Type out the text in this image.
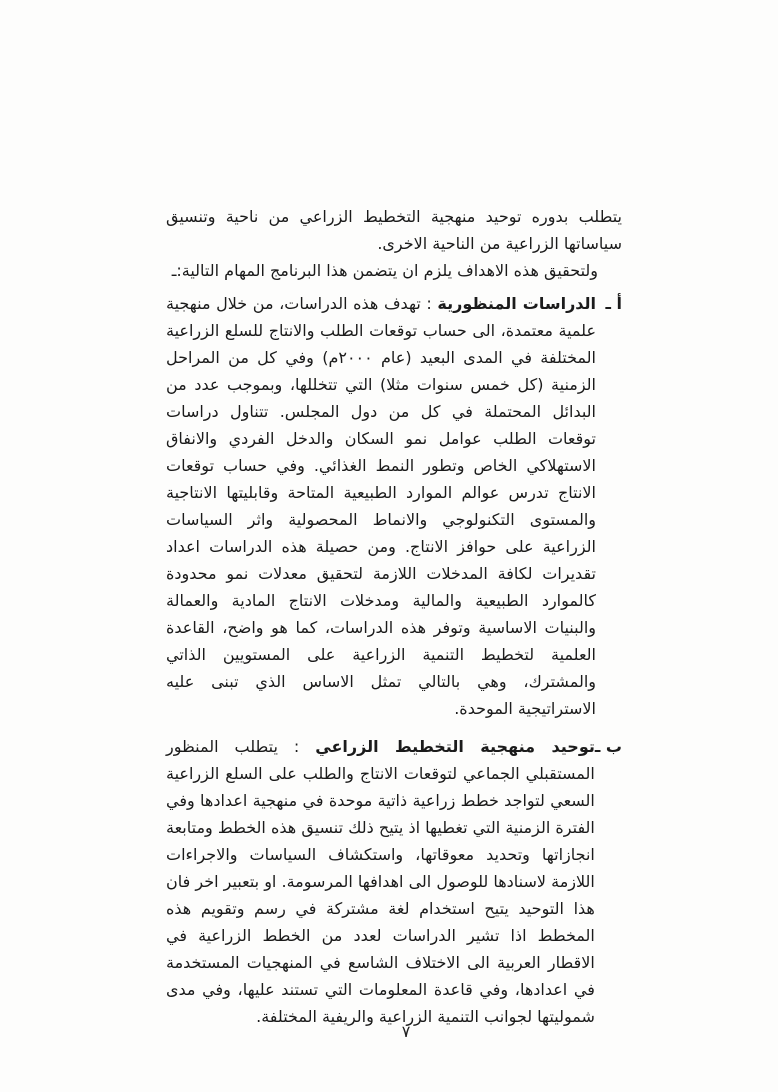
يتطلب بدوره توحيد منهجية التخطيط الزراعي من ناحية وتنسيق سياساتها الزراعية من الناحية الاخرى.

ولتحقيق هذه الاهداف يلزم ان يتضمن هذا البرنامج المهام التالية:ـ

أ ـ

الدراسات المنظورية : تهدف هذه الدراسات، من خلال منهجية علمية معتمدة، الى حساب توقعات الطلب والانتاج للسلع الزراعية المختلفة في المدى البعيد (عام ٢٠٠٠م) وفي كل من المراحل الزمنية (كل خمس سنوات مثلا) التي تتخللها، وبموجب عدد من البدائل المحتملة في كل من دول المجلس. تتناول دراسات توقعات الطلب عوامل نمو السكان والدخل الفردي والانفاق الاستهلاكي الخاص وتطور النمط الغذائي. وفي حساب توقعات الانتاج تدرس عوالم الموارد الطبيعية المتاحة وقابليتها الانتاجية والمستوى التكنولوجي والانماط المحصولية واثر السياسات الزراعية على حوافز الانتاج. ومن حصيلة هذه الدراسات اعداد تقديرات لكافة المدخلات اللازمة لتحقيق معدلات نمو محدودة كالموارد الطبيعية والمالية ومدخلات الانتاج المادية والعمالة والبنيات الاساسية وتوفر هذه الدراسات، كما هو واضح، القاعدة العلمية لتخطيط التنمية الزراعية على المستويين الذاتي والمشترك، وهي بالتالي تمثل الاساس الذي تبنى عليه الاستراتيجية الموحدة.

ب ـ

توحيد منهجية التخطيط الزراعي : يتطلب المنظور المستقبلي الجماعي لتوقعات الانتاج والطلب على السلع الزراعية السعي لتواجد خطط زراعية ذاتية موحدة في منهجية اعدادها وفي الفترة الزمنية التي تغطيها اذ يتيح ذلك تنسيق هذه الخطط ومتابعة انجازاتها وتحديد معوقاتها، واستكشاف السياسات والاجراءات اللازمة لاسنادها للوصول الى اهدافها المرسومة. او بتعبير اخر فان هذا التوحيد يتيح استخدام لغة مشتركة في رسم وتقويم هذه المخطط اذا تشير الدراسات لعدد من الخطط الزراعية في الاقطار العربية الى الاختلاف الشاسع في المنهجيات المستخدمة في اعدادها، وفي قاعدة المعلومات التي تستند عليها، وفي مدى شموليتها لجوانب التنمية الزراعية والريفية المختلفة.

٧
